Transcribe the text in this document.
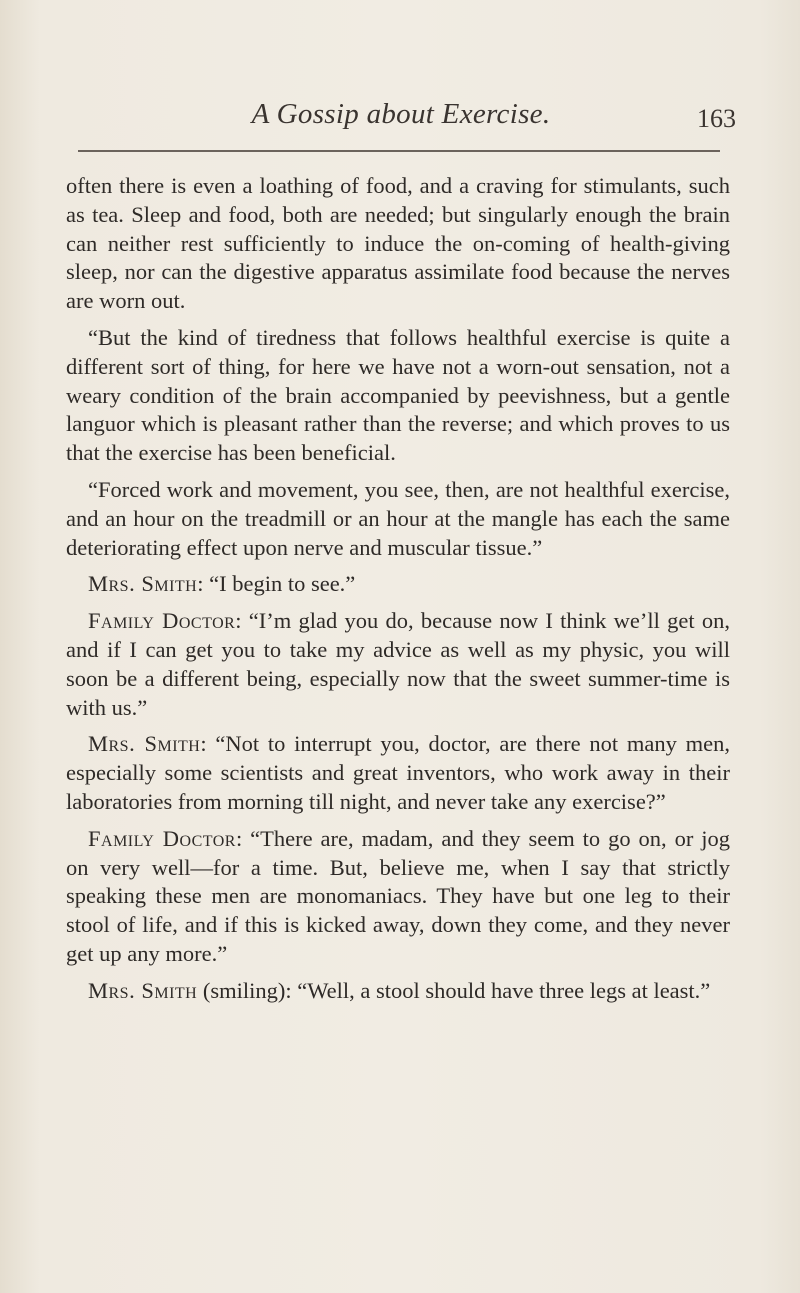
A Gossip about Exercise.	163

often there is even a loathing of food, and a craving for stimulants, such as tea. Sleep and food, both are needed; but singularly enough the brain can neither rest sufficiently to induce the on-coming of health-giving sleep, nor can the digestive apparatus assimilate food because the nerves are worn out.

“But the kind of tiredness that follows healthful exercise is quite a different sort of thing, for here we have not a worn-out sensation, not a weary condition of the brain accompanied by peevishness, but a gentle languor which is pleasant rather than the reverse; and which proves to us that the exercise has been beneficial.

“Forced work and movement, you see, then, are not healthful exercise, and an hour on the treadmill or an hour at the mangle has each the same deteriorating effect upon nerve and muscular tissue.”

Mrs. Smith: “I begin to see.”

Family Doctor: “I’m glad you do, because now I think we’ll get on, and if I can get you to take my advice as well as my physic, you will soon be a different being, especially now that the sweet summer-time is with us.”

Mrs. Smith: “Not to interrupt you, doctor, are there not many men, especially some scientists and great inventors, who work away in their laboratories from morning till night, and never take any exercise?”

Family Doctor: “There are, madam, and they seem to go on, or jog on very well—for a time. But, believe me, when I say that strictly speaking these men are monomaniacs. They have but one leg to their stool of life, and if this is kicked away, down they come, and they never get up any more.”

Mrs. Smith (smiling): “Well, a stool should have three legs at least.”
